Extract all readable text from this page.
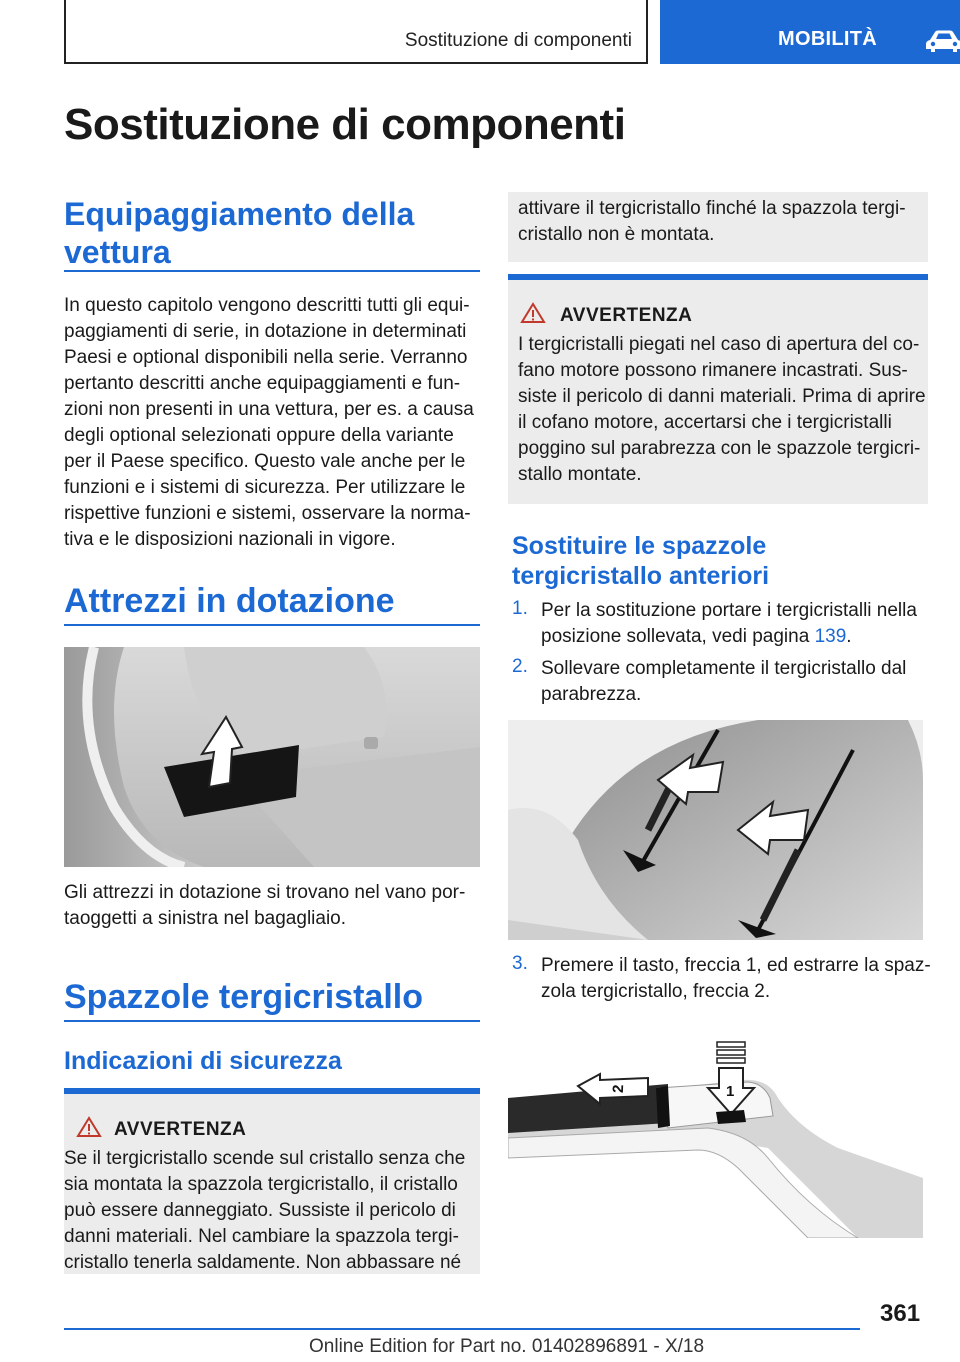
Sostituzione di componenti	MOBILITÀ
Sostituzione di componenti
Equipaggiamento della vettura
In questo capitolo vengono descritti tutti gli equi-
paggiamenti di serie, in dotazione in determinati
Paesi e optional disponibili nella serie. Verranno
pertanto descritti anche equipaggiamenti e fun-
zioni non presenti in una vettura, per es. a causa
degli optional selezionati oppure della variante
per il Paese specifico. Questo vale anche per le
funzioni e i sistemi di sicurezza. Per utilizzare le
rispettive funzioni e sistemi, osservare la norma-
tiva e le disposizioni nazionali in vigore.
Attrezzi in dotazione
Gli attrezzi in dotazione si trovano nel vano por-
taoggetti a sinistra nel bagagliaio.
Spazzole tergicristallo
Indicazioni di sicurezza
AVVERTENZA
Se il tergicristallo scende sul cristallo senza che
sia montata la spazzola tergicristallo, il cristallo
può essere danneggiato. Sussiste il pericolo di
danni materiali. Nel cambiare la spazzola tergi-
cristallo tenerla saldamente. Non abbassare né
attivare il tergicristallo finché la spazzola tergi-
cristallo non è montata.
AVVERTENZA
I tergicristalli piegati nel caso di apertura del co-
fano motore possono rimanere incastrati. Sus-
siste il pericolo di danni materiali. Prima di aprire
il cofano motore, accertarsi che i tergicristalli
poggino sul parabrezza con le spazzole tergicri-
stallo montate.
Sostituire le spazzole
tergicristallo anteriori
1. Per la sostituzione portare i tergicristalli nella
posizione sollevata, vedi pagina 139.
2. Sollevare completamente il tergicristallo dal
parabrezza.
3. Premere il tasto, freccia 1, ed estrarre la spaz-
zola tergicristallo, freccia 2.
2	1
361
Online Edition for Part no. 01402896891 - X/18
